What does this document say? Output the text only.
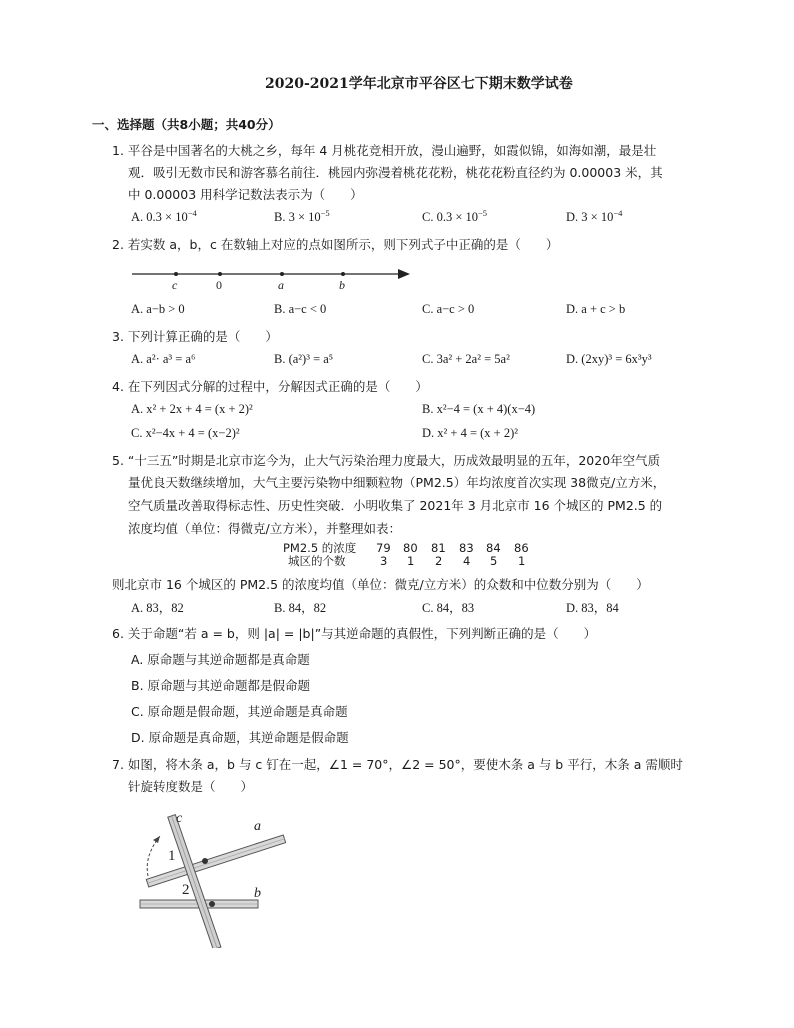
2020-2021学年北京市平谷区七下期末数学试卷
一、选择题（共8小题；共40分）
1. 平谷是中国著名的大桃之乡，每年 4 月桃花竞相开放，漫山遍野，如霞似锦，如海如潮，最是壮
观．吸引无数市民和游客慕名前往．桃园内弥漫着桃花花粉，桃花花粉直径约为 0.00003 米，其
中 0.00003 用科学记数法表示为（　　）
A. $0.3 \times 10^{-4}$	B. $3 \times 10^{-5}$	C. $0.3 \times 10^{-5}$	D. $3 \times 10^{-4}$
2. 若实数 a，b，c 在数轴上对应的点如图所示，则下列式子中正确的是（　　）
c	0	a	b
A. a−b > 0	B. a−c < 0	C. a−c > 0	D. a + c > b
3. 下列计算正确的是（　　）
A. a²· a³ = a⁶	B. (a²)³ = a⁵	C. 3a² + 2a² = 5a²	D. (2xy)³ = 6x³y³
4. 在下列因式分解的过程中，分解因式正确的是（　　）
A. x² + 2x + 4 = (x + 2)²	B. x²−4 = (x + 4)(x−4)
C. x²−4x + 4 = (x−2)²	D. x² + 4 = (x + 2)²
5. “十三五”时期是北京市迄今为，止大气污染治理力度最大，历成效最明显的五年，2020年空气质
量优良天数继续增加，大气主要污染物中细颗粒物（PM2.5）年均浓度首次实现 38微克/立方米，
空气质量改善取得标志性、历史性突破．小明收集了 2021年 3 月北京市 16 个城区的 PM2.5 的
浓度均值（单位：得微克/立方米），并整理如表：
PM2.5 的浓度 79 80 81 83 84 86
城区的个数	3 1 2 4 5 1
则北京市 16 个城区的 PM2.5 的浓度均值（单位：微克/立方米）的众数和中位数分别为（　　）
A. 83，82	B. 84，82	C. 84，83	D. 83，84
6. 关于命题“若 a = b，则 |a| = |b|”与其逆命题的真假性，下列判断正确的是（　　）
A. 原命题与其逆命题都是真命题
B. 原命题与其逆命题都是假命题
C. 原命题是假命题，其逆命题是真命题
D. 原命题是真命题，其逆命题是假命题
7. 如图，将木条 a，b 与 c 钉在一起，∠1 = 70°，∠2 = 50°，要使木条 a 与 b 平行，木条 a 需顺时
针旋转度数是（　　）
c
a
1
2	b
